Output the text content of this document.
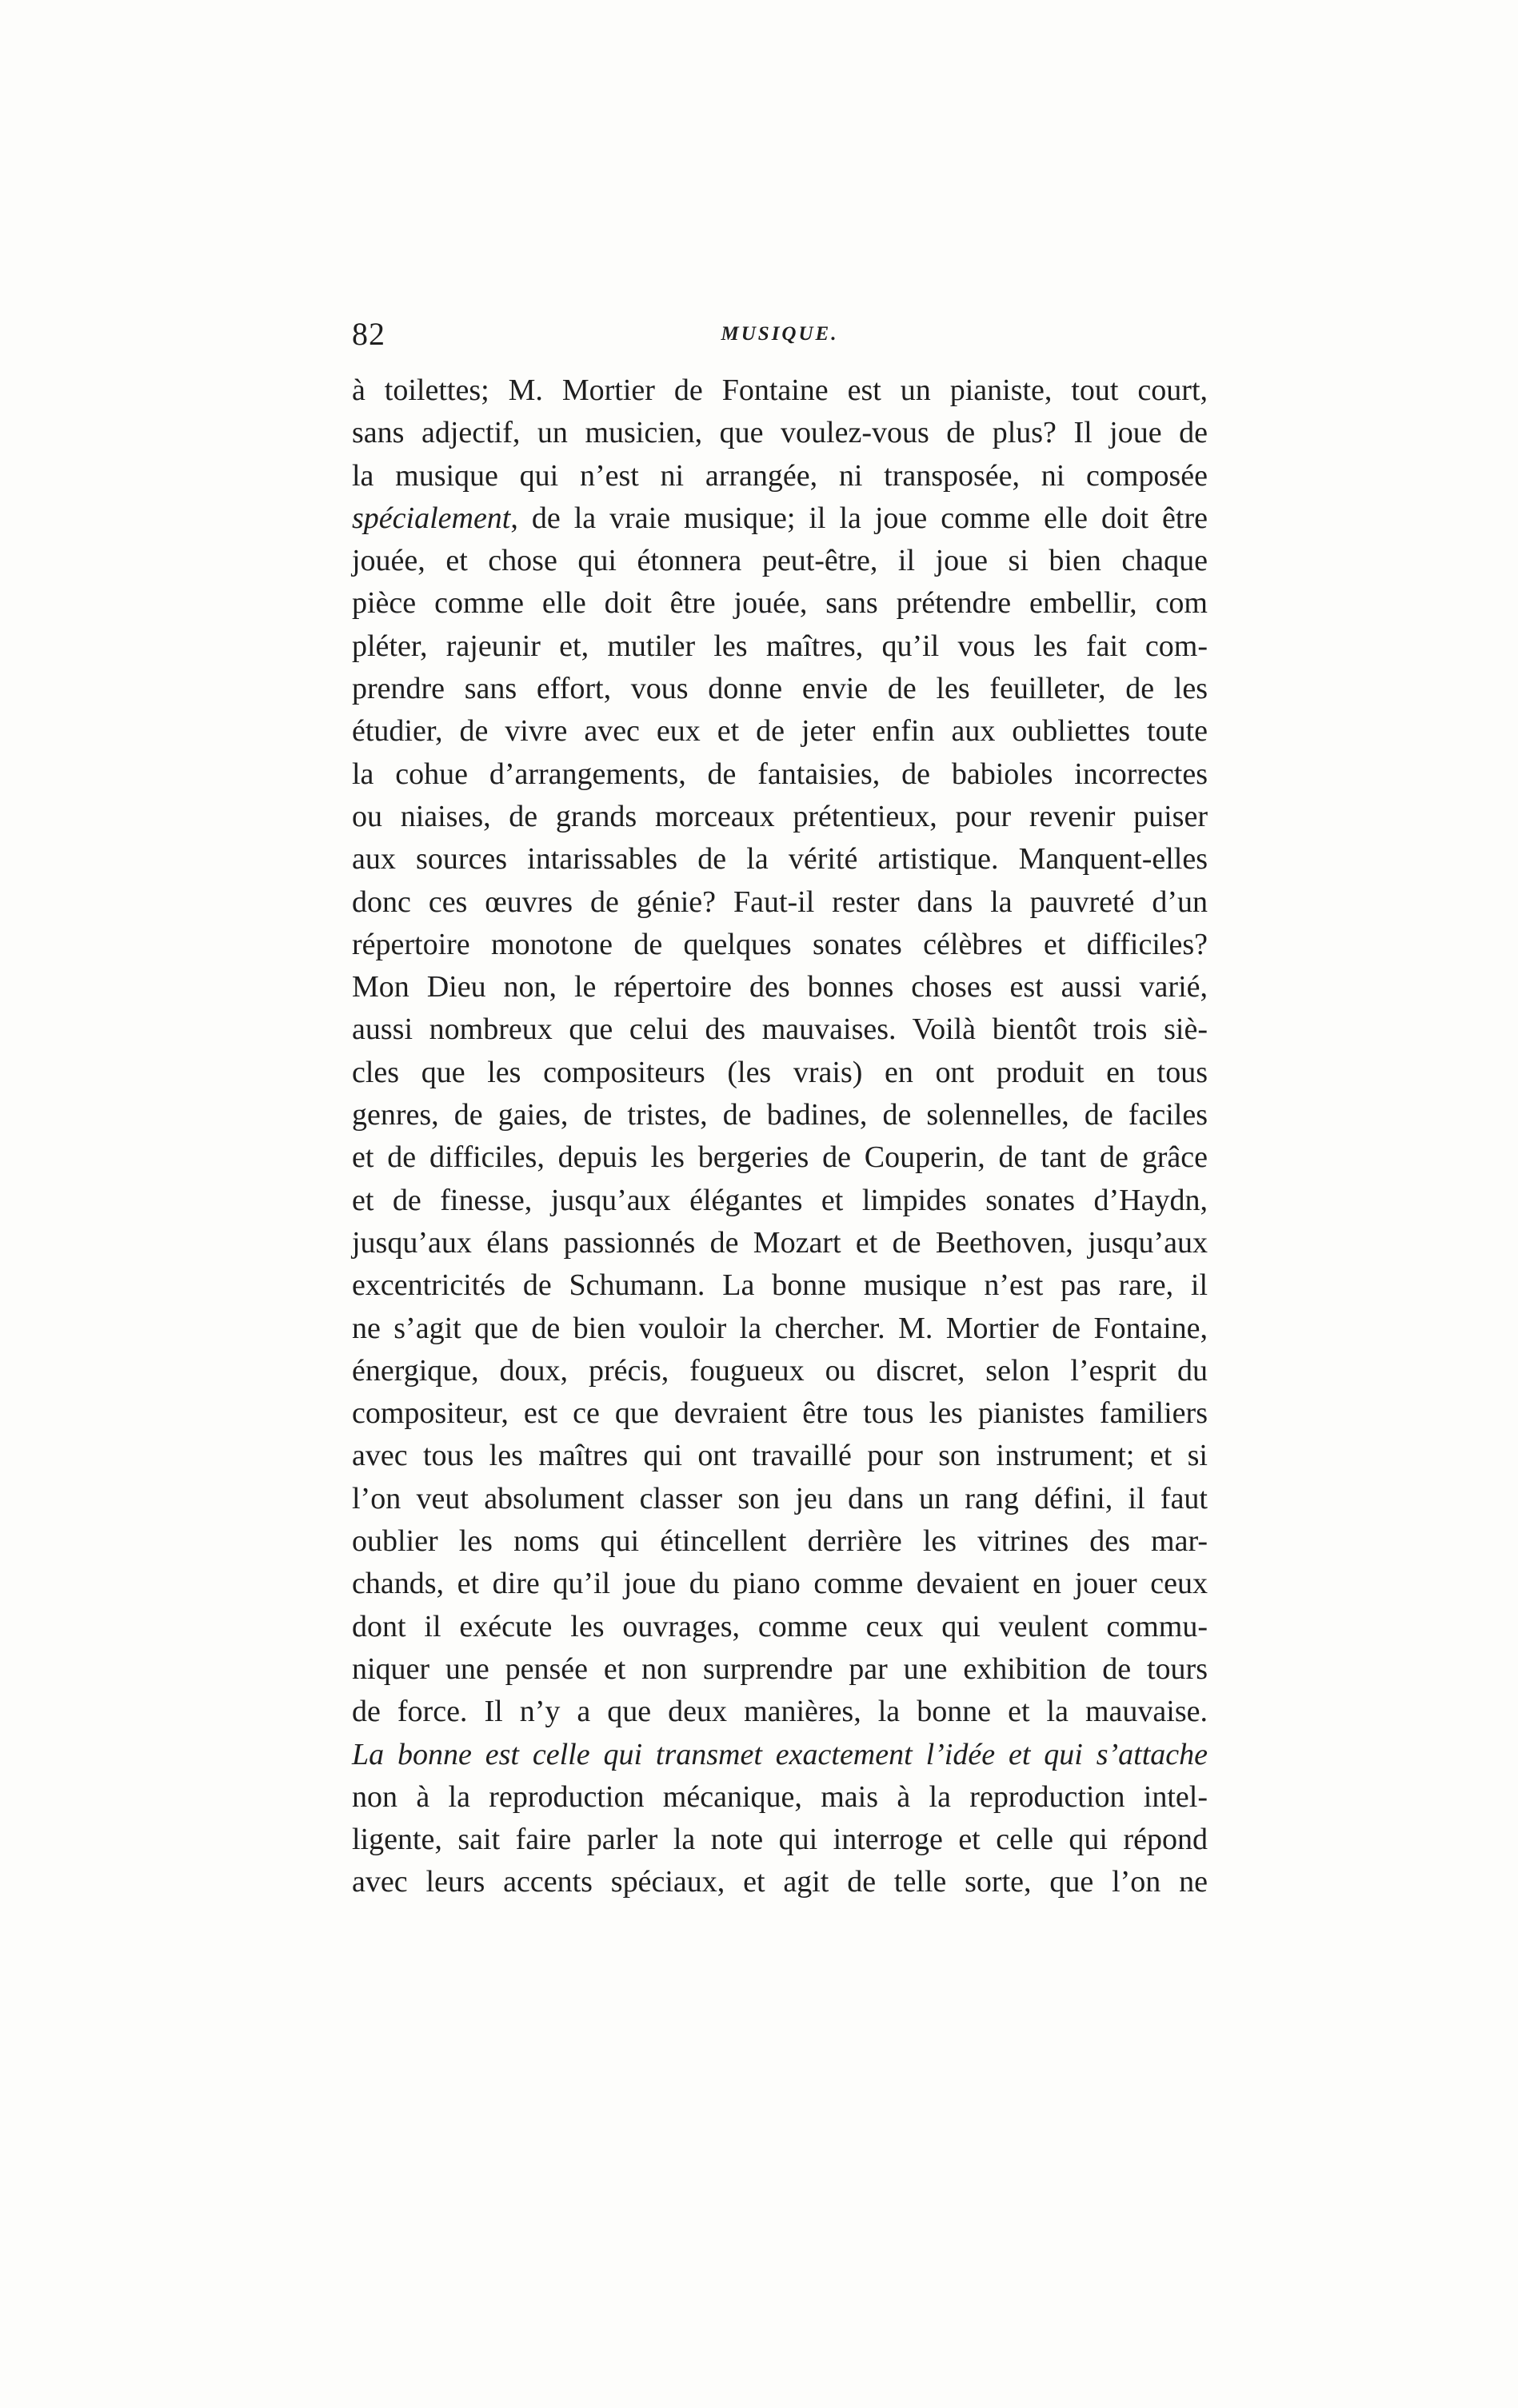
82	MUSIQUE.
à toilettes; M. Mortier de Fontaine est un pianiste, tout court,
sans adjectif, un musicien, que voulez-vous de plus? Il joue de
la musique qui n’est ni arrangée, ni transposée, ni composée
spécialement, de la vraie musique; il la joue comme elle doit être
jouée, et chose qui étonnera peut-être, il joue si bien chaque
pièce comme elle doit être jouée, sans prétendre embellir, com
pléter, rajeunir et, mutiler les maîtres, qu’il vous les fait com-
prendre sans effort, vous donne envie de les feuilleter, de les
étudier, de vivre avec eux et de jeter enfin aux oubliettes toute
la cohue d’arrangements, de fantaisies, de babioles incorrectes
ou niaises, de grands morceaux prétentieux, pour revenir puiser
aux sources intarissables de la vérité artistique. Manquent-elles
donc ces œuvres de génie? Faut-il rester dans la pauvreté d’un
répertoire monotone de quelques sonates célèbres et difficiles?
Mon Dieu non, le répertoire des bonnes choses est aussi varié,
aussi nombreux que celui des mauvaises. Voilà bientôt trois siè-
cles que les compositeurs (les vrais) en ont produit en tous
genres, de gaies, de tristes, de badines, de solennelles, de faciles
et de difficiles, depuis les bergeries de Couperin, de tant de grâce
et de finesse, jusqu’aux élégantes et limpides sonates d’Haydn,
jusqu’aux élans passionnés de Mozart et de Beethoven, jusqu’aux
excentricités de Schumann. La bonne musique n’est pas rare, il
ne s’agit que de bien vouloir la chercher. M. Mortier de Fontaine,
énergique, doux, précis, fougueux ou discret, selon l’esprit du
compositeur, est ce que devraient être tous les pianistes familiers
avec tous les maîtres qui ont travaillé pour son instrument; et si
l’on veut absolument classer son jeu dans un rang défini, il faut
oublier les noms qui étincellent derrière les vitrines des mar-
chands, et dire qu’il joue du piano comme devaient en jouer ceux
dont il exécute les ouvrages, comme ceux qui veulent commu-
niquer une pensée et non surprendre par une exhibition de tours
de force. Il n’y a que deux manières, la bonne et la mauvaise.
La bonne est celle qui transmet exactement l’idée et qui s’attache
non à la reproduction mécanique, mais à la reproduction intel-
ligente, sait faire parler la note qui interroge et celle qui répond
avec leurs accents spéciaux, et agit de telle sorte, que l’on ne
